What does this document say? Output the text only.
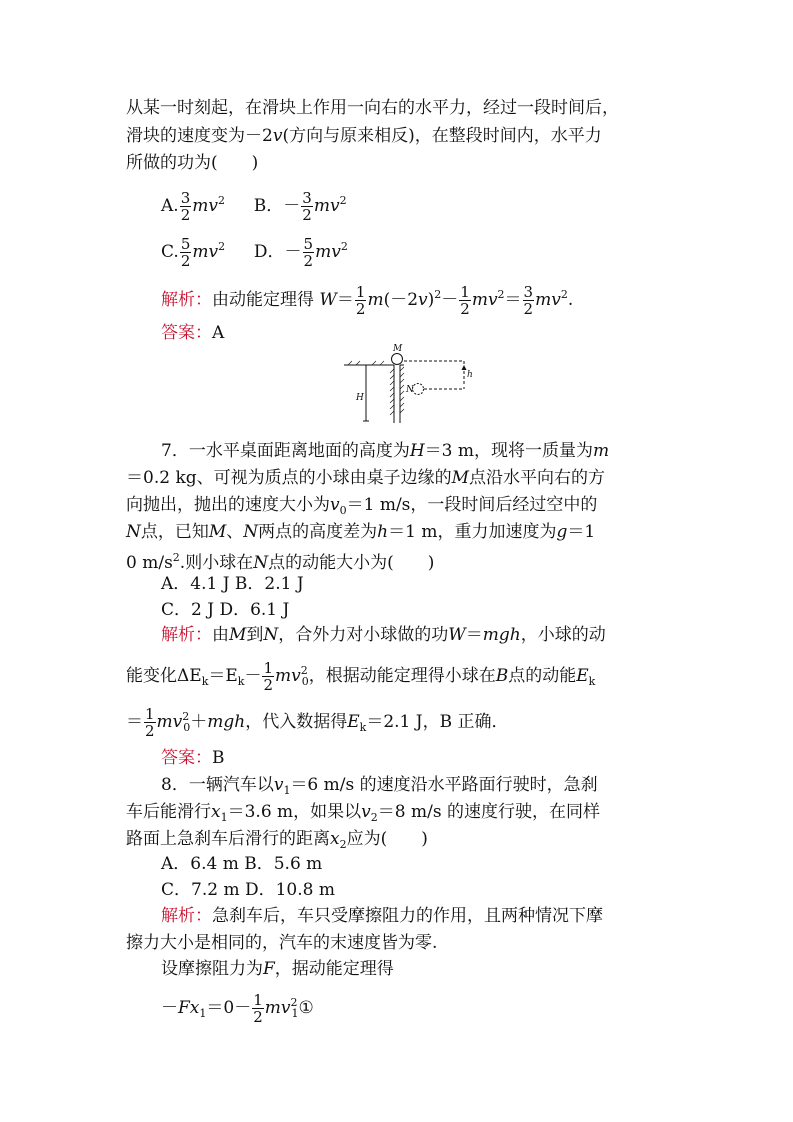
从某一时刻起，在滑块上作用一向右的水平力，经过一段时间后，
滑块的速度变为－2v(方向与原来相反)，在整段时间内，水平力
所做的功为(　　)
A. $\frac{3}{2} mv^2$ B．－ $\frac{3}{2} mv^2$
C. $\frac{5}{2} mv^2$ D．－ $\frac{5}{2} mv^2$
解析：由动能定理得 $W= \frac{1}{2} m(-2v)^2- \frac{1}{2} mv^2= \frac{3}{2} mv^2$.
答案：A
M
N
H
h
7．一水平桌面距离地面的高度为H＝3 m，现将一质量为m
＝0.2 kg、可视为质点的小球由桌子边缘的M点沿水平向右的方
向抛出，抛出的速度大小为$v_0=1$ m/s，一段时间后经过空中的
N点，已知M、N两点的高度差为h＝1 m，重力加速度为g＝1
0 $m/s^2$.则小球在N点的动能大小为(　　)
A．4.1 J B．2.1 J
C．2 J D．6.1 J
解析：由M到N，合外力对小球做的功W＝mgh，小球的动
能变化$\Delta E_k=E_k- \frac{1}{2} mv^2_0$，根据动能定理得小球在B点的动能$E_k$
＝ $\frac{1}{2} mv^2_0+mgh$，代入数据得$E_k=2.1$ J，B 正确．
答案：B
8．一辆汽车以$v_1=6$ m/s 的速度沿水平路面行驶时，急刹
车后能滑行$x_1=3.6$ m，如果以$v_2=8$ m/s 的速度行驶，在同样
路面上急刹车后滑行的距离$x_2$应为(　　)
A．6.4 m B．5.6 m
C．7.2 m D．10.8 m
解析：急刹车后，车只受摩擦阻力的作用，且两种情况下摩
擦力大小是相同的，汽车的末速度皆为零.
设摩擦阻力为F，据动能定理得
$-Fx_1=0- \frac{1}{2}$ $mv^2_1①$
